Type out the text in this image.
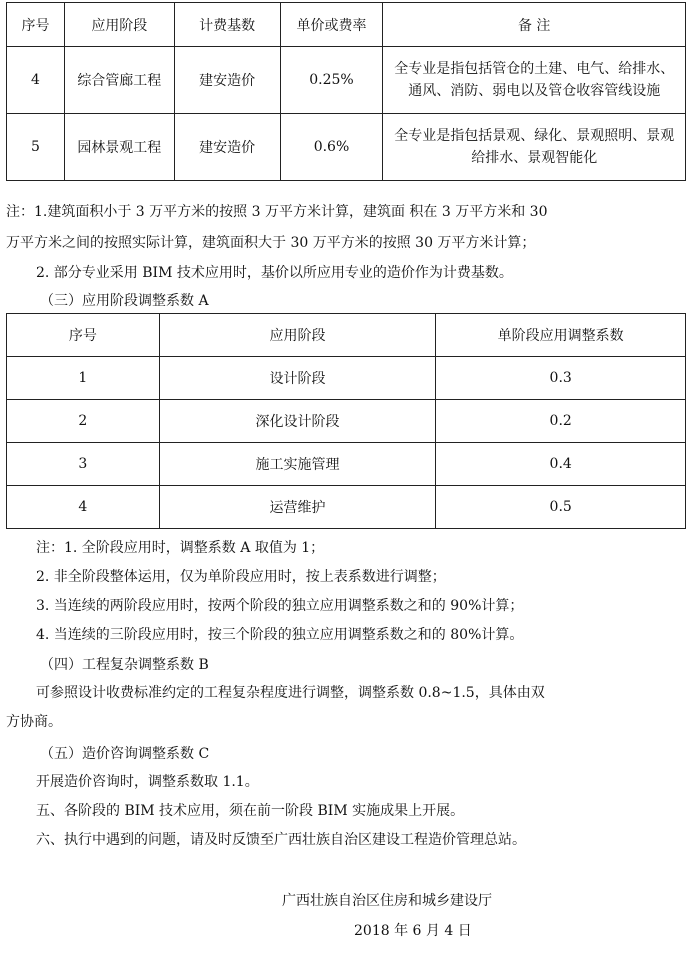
序号	应用阶段	计费基数	单价或费率	备 注
4	综合管廊工程	建安造价	0.25%	全专业是指包括管仓的土建、电气、给排水、通风、消防、弱电以及管仓收容管线设施
5	园林景观工程	建安造价	0.6%	全专业是指包括景观、绿化、景观照明、景观给排水、景观智能化
注：1.建筑面积小于 3 万平方米的按照 3 万平方米计算，建筑面 积在 3 万平方米和 30
万平方米之间的按照实际计算，建筑面积大于 30 万平方米的按照 30 万平方米计算；
2. 部分专业采用 BIM 技术应用时，基价以所应用专业的造价作为计费基数。
（三）应用阶段调整系数 A
序号	应用阶段	单阶段应用调整系数
1	设计阶段	0.3
2	深化设计阶段	0.2
3	施工实施管理	0.4
4	运营维护	0.5
注：1. 全阶段应用时，调整系数 A 取值为 1；
2. 非全阶段整体运用，仅为单阶段应用时，按上表系数进行调整；
3. 当连续的两阶段应用时，按两个阶段的独立应用调整系数之和的 90%计算；
4. 当连续的三阶段应用时，按三个阶段的独立应用调整系数之和的 80%计算。
（四）工程复杂调整系数 B
可参照设计收费标准约定的工程复杂程度进行调整，调整系数 0.8~1.5，具体由双
方协商。
（五）造价咨询调整系数 C
开展造价咨询时，调整系数取 1.1。
五、各阶段的 BIM 技术应用，须在前一阶段 BIM 实施成果上开展。
六、执行中遇到的问题，请及时反馈至广西壮族自治区建设工程造价管理总站。
广西壮族自治区住房和城乡建设厅
2018 年 6 月 4 日
